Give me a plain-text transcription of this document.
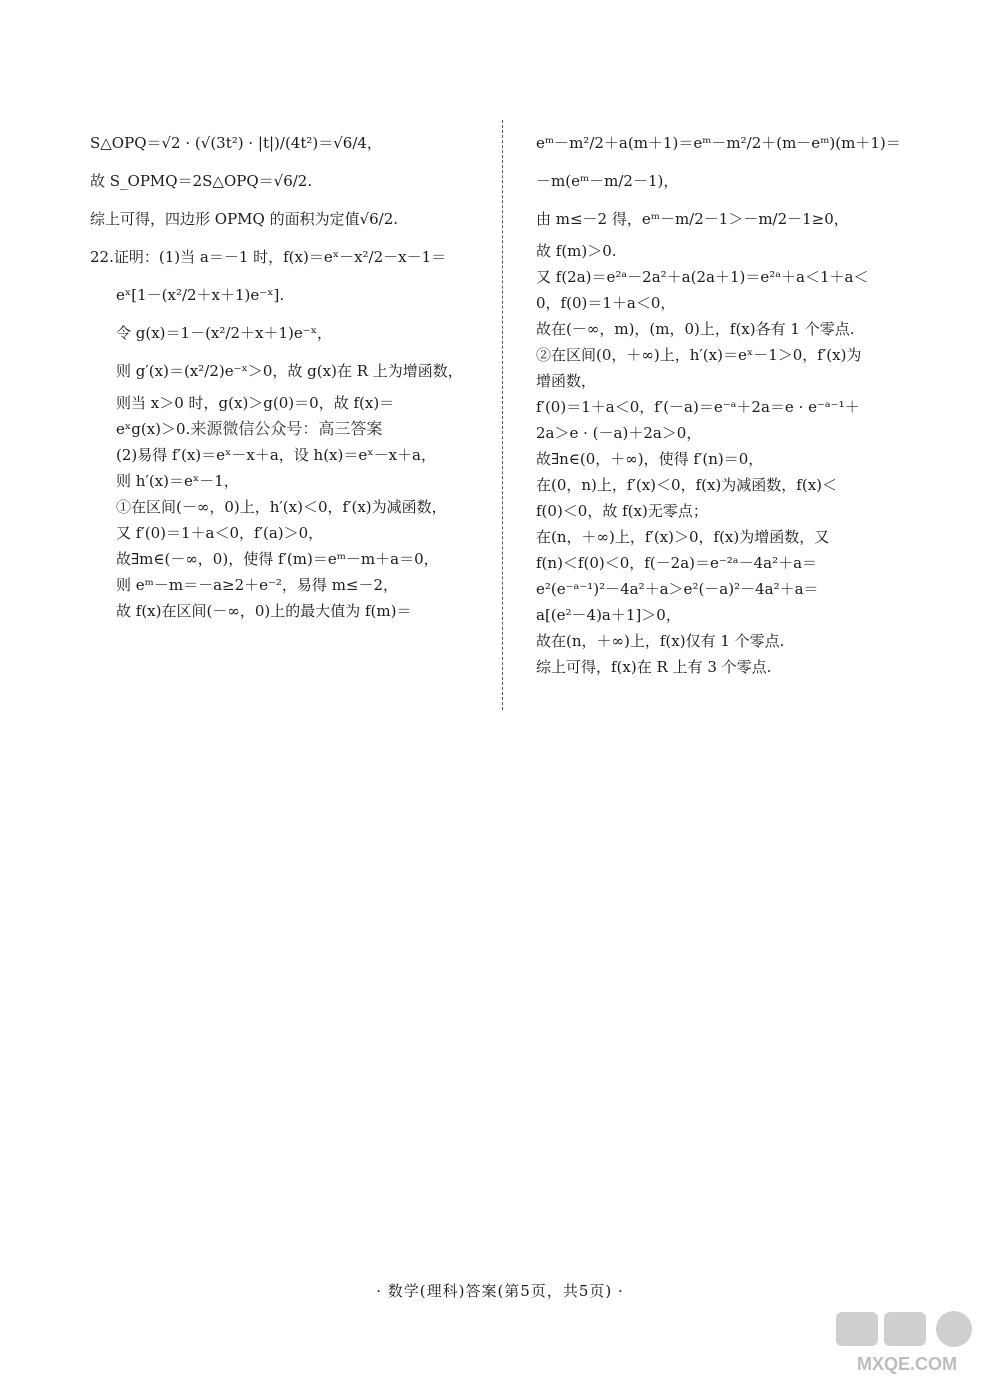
S△OPQ＝√2 · (√(3t²) · |t|)/(4t²)＝√6/4，
故 S_OPMQ＝2S△OPQ＝√6/2.
综上可得，四边形 OPMQ 的面积为定值√6/2.
22.证明：(1)当 a＝－1 时，f(x)＝eˣ－x²/2－x－1＝
eˣ[1－(x²/2＋x＋1)e⁻ˣ].
令 g(x)＝1－(x²/2＋x＋1)e⁻ˣ，
则 g′(x)＝(x²/2)e⁻ˣ＞0，故 g(x)在 R 上为增函数，
则当 x＞0 时，g(x)＞g(0)＝0，故 f(x)＝
eˣg(x)＞0.来源微信公众号：高三答案
(2)易得 f′(x)＝eˣ－x＋a，设 h(x)＝eˣ－x＋a，
则 h′(x)＝eˣ－1，
①在区间(－∞，0)上，h′(x)＜0，f′(x)为减函数，
又 f′(0)＝1＋a＜0，f′(a)＞0，
故∃m∈(－∞，0)，使得 f′(m)＝eᵐ－m＋a＝0，
则 eᵐ－m＝－a≥2＋e⁻²，易得 m≤－2，
故 f(x)在区间(－∞，0)上的最大值为 f(m)＝
eᵐ－m²/2＋a(m＋1)＝eᵐ－m²/2＋(m－eᵐ)(m＋1)＝
－m(eᵐ－m/2－1)，
由 m≤－2 得，eᵐ－m/2－1＞－m/2－1≥0，
故 f(m)＞0.
又 f(2a)＝e²ᵃ－2a²＋a(2a＋1)＝e²ᵃ＋a＜1＋a＜
0，f(0)＝1＋a＜0，
故在(－∞，m)，(m，0)上，f(x)各有 1 个零点.
②在区间(0，＋∞)上，h′(x)＝eˣ－1＞0，f′(x)为
增函数，
f′(0)＝1＋a＜0，f′(－a)＝e⁻ᵃ＋2a＝e · e⁻ᵃ⁻¹＋
2a＞e · (－a)＋2a＞0，
故∃n∈(0，＋∞)，使得 f′(n)＝0，
在(0，n)上，f′(x)＜0，f(x)为减函数，f(x)＜
f(0)＜0，故 f(x)无零点；
在(n，＋∞)上，f′(x)＞0，f(x)为增函数，又
f(n)＜f(0)＜0，f(－2a)＝e⁻²ᵃ－4a²＋a＝
e²(e⁻ᵃ⁻¹)²－4a²＋a＞e²(－a)²－4a²＋a＝
a[(e²－4)a＋1]＞0，
故在(n，＋∞)上，f(x)仅有 1 个零点.
综上可得，f(x)在 R 上有 3 个零点.
· 数学(理科)答案(第5页，共5页) ·
MXQE.COM
